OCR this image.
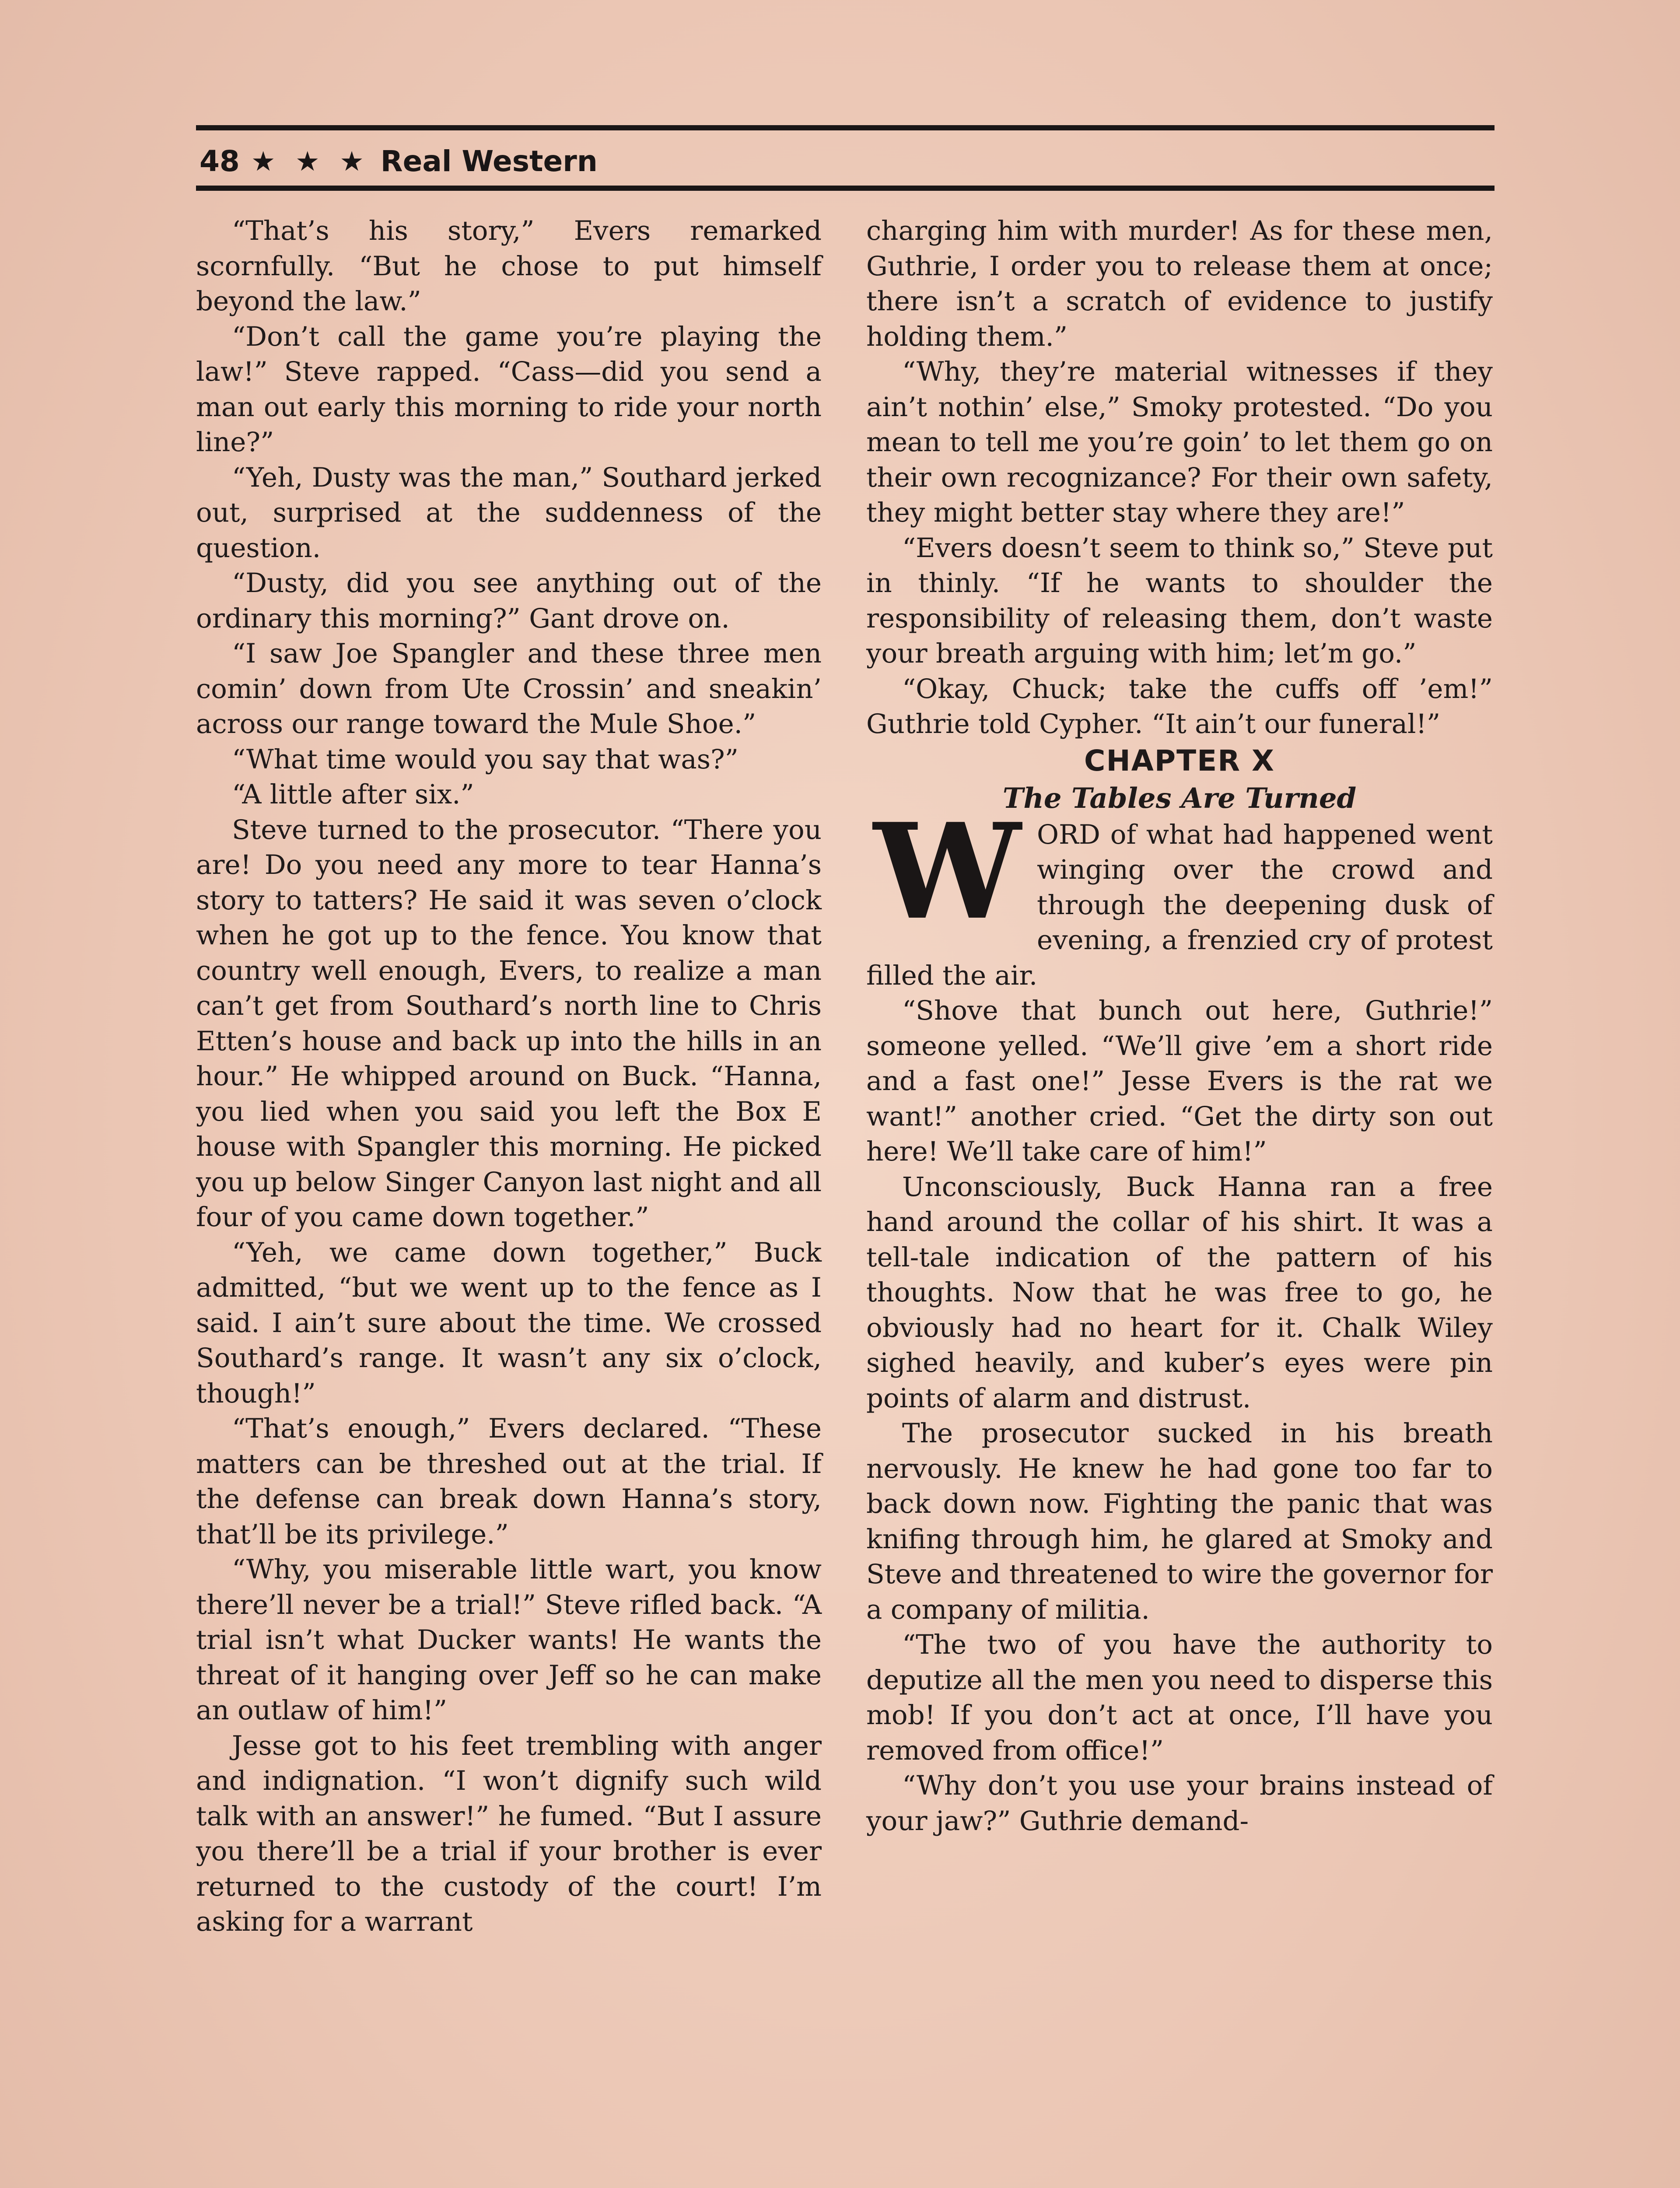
48 ★ ★ ★ Real Western

“That’s his story,” Evers remarked scornfully. “But he chose to put himself beyond the law.”

“Don’t call the game you’re playing the law!” Steve rapped. “Cass—did you send a man out early this morning to ride your north line?”

“Yeh, Dusty was the man,” Southard jerked out, surprised at the suddenness of the question.

“Dusty, did you see anything out of the ordinary this morning?” Gant drove on.

“I saw Joe Spangler and these three men comin’ down from Ute Crossin’ and sneakin’ across our range toward the Mule Shoe.”

“What time would you say that was?”

“A little after six.”

Steve turned to the prosecutor. “There you are! Do you need any more to tear Hanna’s story to tatters? He said it was seven o’clock when he got up to the fence. You know that country well enough, Evers, to realize a man can’t get from Southard’s north line to Chris Etten’s house and back up into the hills in an hour.” He whipped around on Buck. “Hanna, you lied when you said you left the Box E house with Spangler this morning. He picked you up below Singer Canyon last night and all four of you came down together.”

“Yeh, we came down together,” Buck admitted, “but we went up to the fence as I said. I ain’t sure about the time. We crossed Southard’s range. It wasn’t any six o’clock, though!”

“That’s enough,” Evers declared. “These matters can be threshed out at the trial. If the defense can break down Hanna’s story, that’ll be its privilege.”

“Why, you miserable little wart, you know there’ll never be a trial!” Steve rifled back. “A trial isn’t what Ducker wants! He wants the threat of it hanging over Jeff so he can make an outlaw of him!”

Jesse got to his feet trembling with anger and indignation. “I won’t dignify such wild talk with an answer!” he fumed. “But I assure you there’ll be a trial if your brother is ever returned to the custody of the court! I’m asking for a warrant

charging him with murder! As for these men, Guthrie, I order you to release them at once; there isn’t a scratch of evidence to justify holding them.”

“Why, they’re material witnesses if they ain’t nothin’ else,” Smoky protested. “Do you mean to tell me you’re goin’ to let them go on their own recognizance? For their own safety, they might better stay where they are!”

“Evers doesn’t seem to think so,” Steve put in thinly. “If he wants to shoulder the responsibility of releasing them, don’t waste your breath arguing with him; let’m go.”

“Okay, Chuck; take the cuffs off ’em!” Guthrie told Cypher. “It ain’t our funeral!”

CHAPTER X

The Tables Are Turned

W ORD of what had happened went winging over the crowd and through the deepening dusk of evening, a frenzied cry of protest filled the air.

“Shove that bunch out here, Guthrie!” someone yelled. “We’ll give ’em a short ride and a fast one!” Jesse Evers is the rat we want!” another cried. “Get the dirty son out here! We’ll take care of him!”

Unconsciously, Buck Hanna ran a free hand around the collar of his shirt. It was a tell-tale indication of the pattern of his thoughts. Now that he was free to go, he obviously had no heart for it. Chalk Wiley sighed heavily, and kuber’s eyes were pin points of alarm and distrust.

The prosecutor sucked in his breath nervously. He knew he had gone too far to back down now. Fighting the panic that was knifing through him, he glared at Smoky and Steve and threatened to wire the governor for a company of militia.

“The two of you have the authority to deputize all the men you need to disperse this mob! If you don’t act at once, I’ll have you removed from office!”

“Why don’t you use your brains instead of your jaw?” Guthrie demand-
